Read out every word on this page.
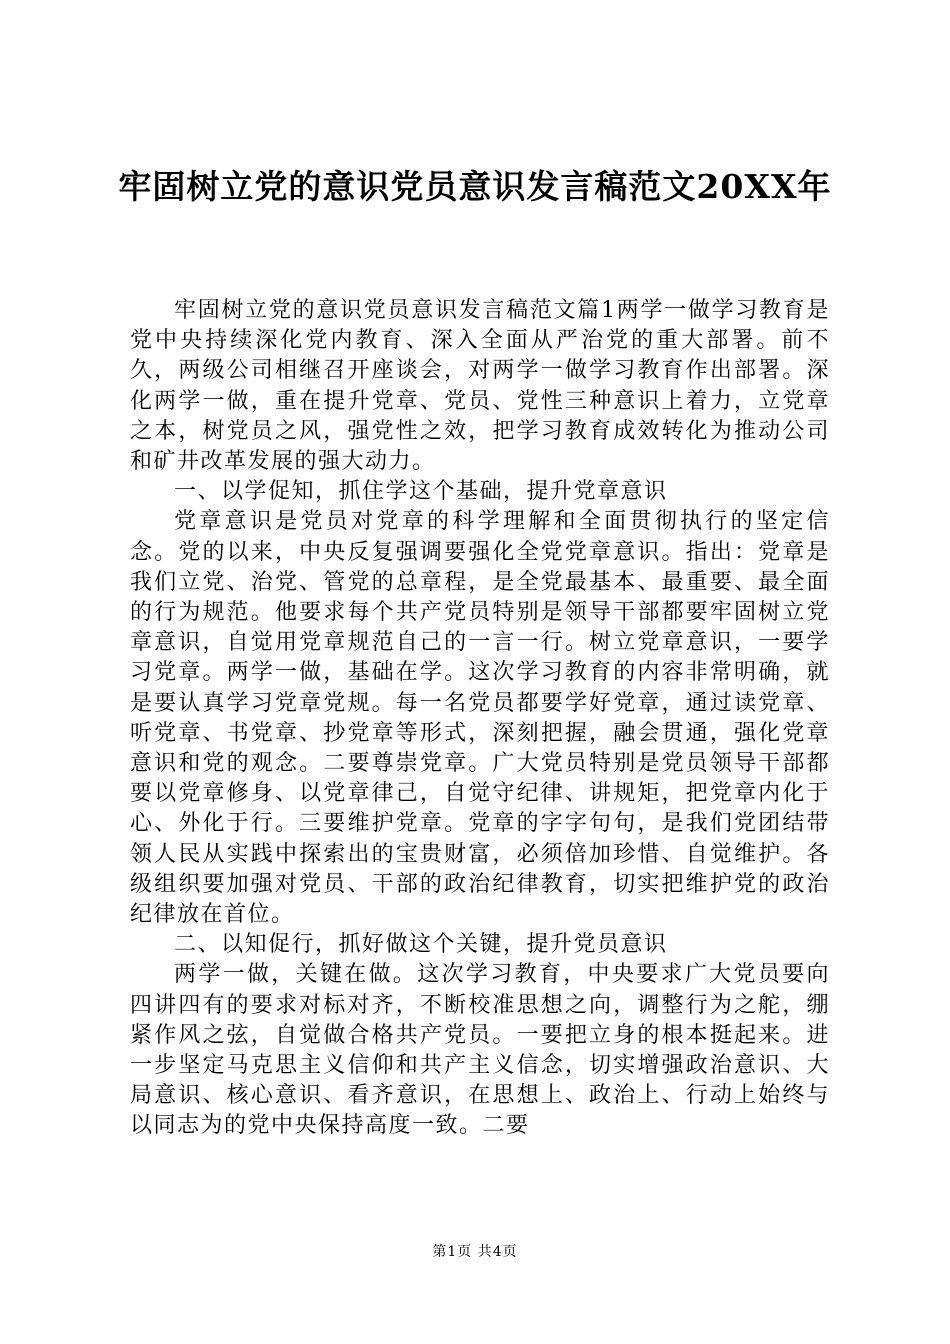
牢固树立党的意识党员意识发言稿范文20XX年

牢固树立党的意识党员意识发言稿范文篇1两学一做学习教育是党中央持续深化党内教育、深入全面从严治党的重大部署。前不久，两级公司相继召开座谈会，对两学一做学习教育作出部署。深化两学一做，重在提升党章、党员、党性三种意识上着力，立党章之本，树党员之风，强党性之效，把学习教育成效转化为推动公司和矿井改革发展的强大动力。

一、以学促知，抓住学这个基础，提升党章意识

党章意识是党员对党章的科学理解和全面贯彻执行的坚定信念。党的以来，中央反复强调要强化全党党章意识。指出：党章是我们立党、治党、管党的总章程，是全党最基本、最重要、最全面的行为规范。他要求每个共产党员特别是领导干部都要牢固树立党章意识，自觉用党章规范自己的一言一行。树立党章意识，一要学习党章。两学一做，基础在学。这次学习教育的内容非常明确，就是要认真学习党章党规。每一名党员都要学好党章，通过读党章、听党章、书党章、抄党章等形式，深刻把握，融会贯通，强化党章意识和党的观念。二要尊崇党章。广大党员特别是党员领导干部都要以党章修身、以党章律己，自觉守纪律、讲规矩，把党章内化于心、外化于行。三要维护党章。党章的字字句句，是我们党团结带领人民从实践中探索出的宝贵财富，必须倍加珍惜、自觉维护。各级组织要加强对党员、干部的政治纪律教育，切实把维护党的政治纪律放在首位。

二、以知促行，抓好做这个关键，提升党员意识

两学一做，关键在做。这次学习教育，中央要求广大党员要向四讲四有的要求对标对齐，不断校准思想之向，调整行为之舵，绷紧作风之弦，自觉做合格共产党员。一要把立身的根本挺起来。进一步坚定马克思主义信仰和共产主义信念，切实增强政治意识、大局意识、核心意识、看齐意识，在思想上、政治上、行动上始终与以同志为的党中央保持高度一致。二要

第1页 共4页
